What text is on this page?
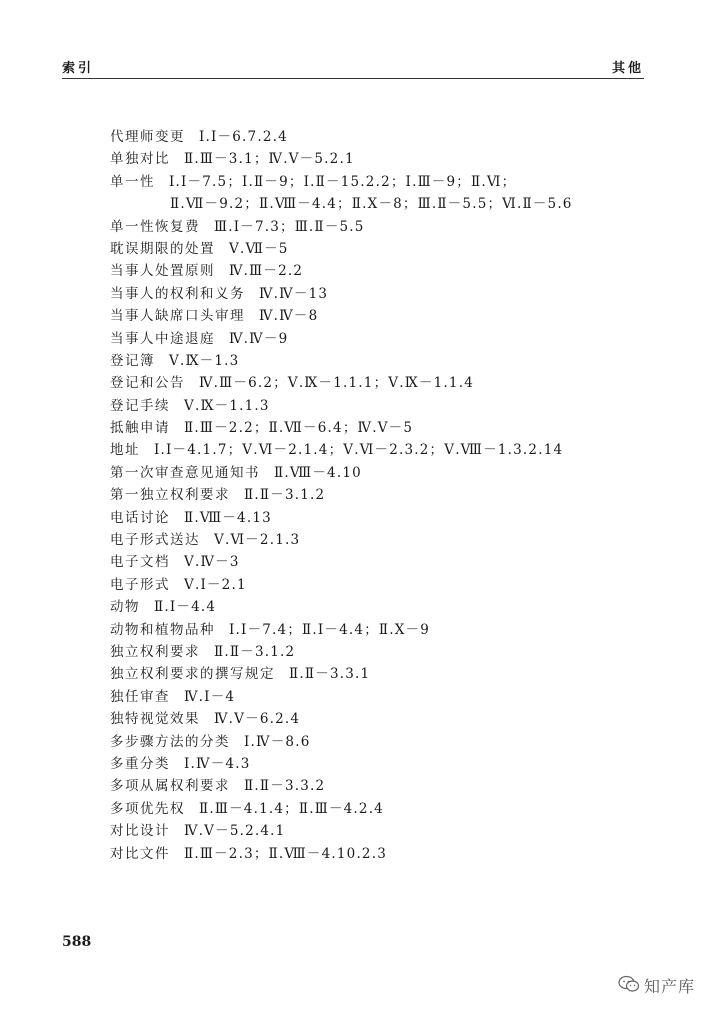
索引	其他
代理师变更 Ⅰ.Ⅰ－6.7.2.4
单独对比 Ⅱ.Ⅲ－3.1；Ⅳ.Ⅴ－5.2.1
单一性 Ⅰ.Ⅰ－7.5；Ⅰ.Ⅱ－9；Ⅰ.Ⅱ－15.2.2；Ⅰ.Ⅲ－9；Ⅱ.Ⅵ；
Ⅱ.Ⅶ－9.2；Ⅱ.Ⅷ－4.4；Ⅱ.Ⅹ－8；Ⅲ.Ⅱ－5.5；Ⅵ.Ⅱ－5.6
单一性恢复费 Ⅲ.Ⅰ－7.3；Ⅲ.Ⅱ－5.5
耽误期限的处置 Ⅴ.Ⅶ－5
当事人处置原则 Ⅳ.Ⅲ－2.2
当事人的权利和义务 Ⅳ.Ⅳ－13
当事人缺席口头审理 Ⅳ.Ⅳ－8
当事人中途退庭 Ⅳ.Ⅳ－9
登记簿 Ⅴ.Ⅸ－1.3
登记和公告 Ⅳ.Ⅲ－6.2；Ⅴ.Ⅸ－1.1.1；Ⅴ.Ⅸ－1.1.4
登记手续 Ⅴ.Ⅸ－1.1.3
抵触申请 Ⅱ.Ⅲ－2.2；Ⅱ.Ⅶ－6.4；Ⅳ.Ⅴ－5
地址 Ⅰ.Ⅰ－4.1.7；Ⅴ.Ⅵ－2.1.4；Ⅴ.Ⅵ－2.3.2；Ⅴ.Ⅷ－1.3.2.14
第一次审查意见通知书 Ⅱ.Ⅷ－4.10
第一独立权利要求 Ⅱ.Ⅱ－3.1.2
电话讨论 Ⅱ.Ⅷ－4.13
电子形式送达 Ⅴ.Ⅵ－2.1.3
电子文档 Ⅴ.Ⅳ－3
电子形式 Ⅴ.Ⅰ－2.1
动物 Ⅱ.Ⅰ－4.4
动物和植物品种 Ⅰ.Ⅰ－7.4；Ⅱ.Ⅰ－4.4；Ⅱ.Ⅹ－9
独立权利要求 Ⅱ.Ⅱ－3.1.2
独立权利要求的撰写规定 Ⅱ.Ⅱ－3.3.1
独任审查 Ⅳ.Ⅰ－4
独特视觉效果 Ⅳ.Ⅴ－6.2.4
多步骤方法的分类 Ⅰ.Ⅳ－8.6
多重分类 Ⅰ.Ⅳ－4.3
多项从属权利要求 Ⅱ.Ⅱ－3.3.2
多项优先权 Ⅱ.Ⅲ－4.1.4；Ⅱ.Ⅲ－4.2.4
对比设计 Ⅳ.Ⅴ－5.2.4.1
对比文件 Ⅱ.Ⅲ－2.3；Ⅱ.Ⅷ－4.10.2.3
588
知产库
